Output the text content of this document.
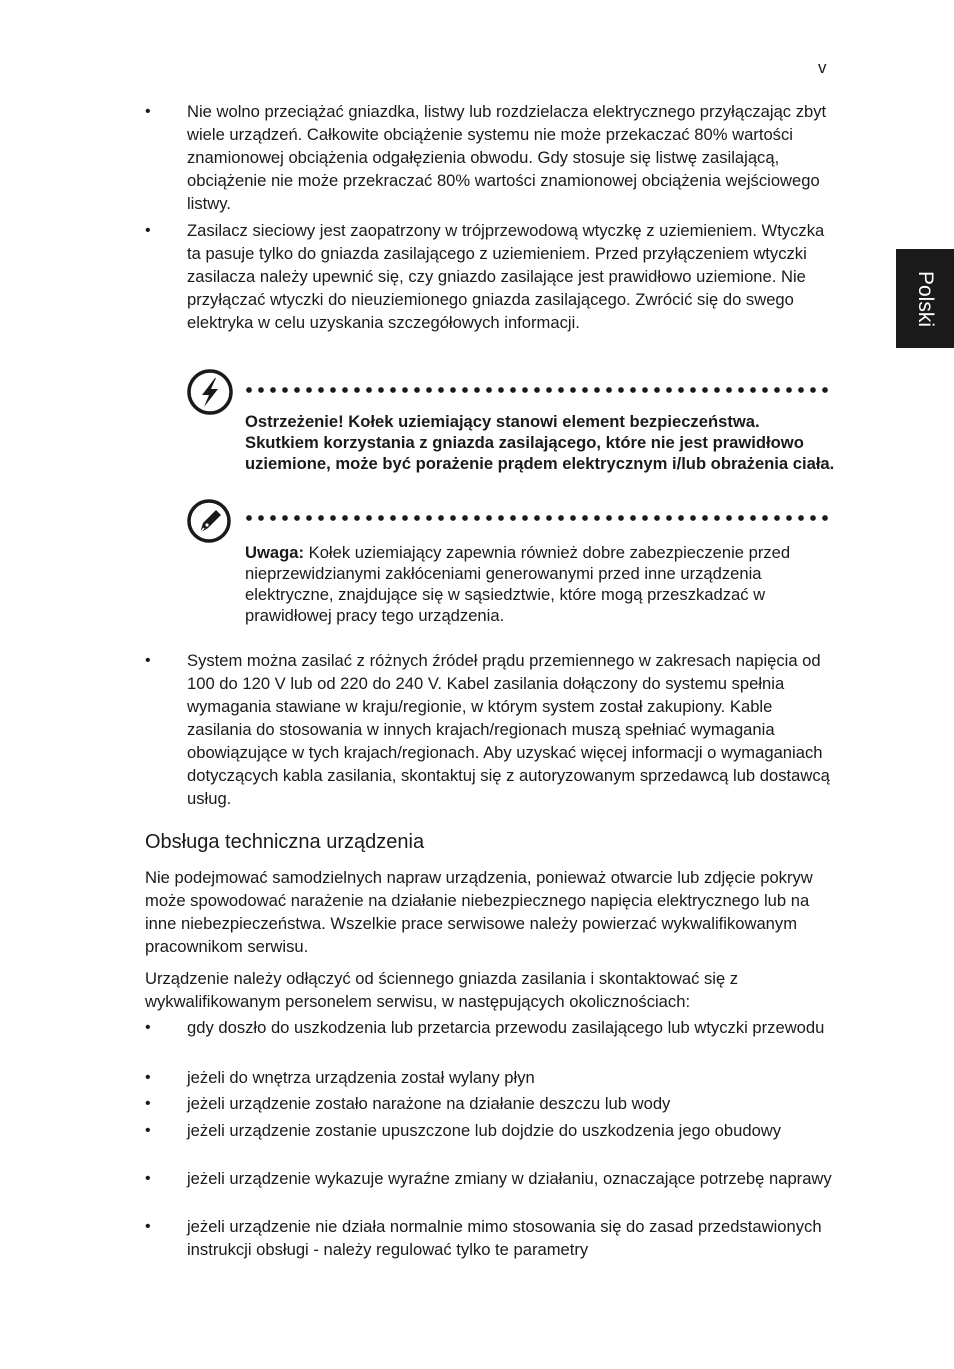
v
Polski
•	Nie wolno przeciążać gniazdka, listwy lub rozdzielacza elektrycznego przyłączając zbyt wiele urządzeń. Całkowite obciążenie systemu nie może przekaczać 80% wartości znamionowej obciążenia odgałęzienia obwodu. Gdy stosuje się listwę zasilającą, obciążenie nie może przekraczać 80% wartości znamionowej obciążenia wejściowego listwy.
•	Zasilacz sieciowy jest zaopatrzony w trójprzewodową wtyczkę z uziemieniem. Wtyczka ta pasuje tylko do gniazda zasilającego z uziemieniem. Przed przyłączeniem wtyczki zasilacza należy upewnić się, czy gniazdo zasilające jest prawidłowo uziemione. Nie przyłączać wtyczki do nieuziemionego gniazda zasilającego. Zwrócić się do swego elektryka w celu uzyskania szczegółowych informacji.
Ostrzeżenie! Kołek uziemiający stanowi element bezpieczeństwa. Skutkiem korzystania z gniazda zasilającego, które nie jest prawidłowo uziemione, może być porażenie prądem elektrycznym i/lub obrażenia ciała.
Uwaga: Kołek uziemiający zapewnia również dobre zabezpieczenie przed nieprzewidzianymi zakłóceniami generowanymi przed inne urządzenia elektryczne, znajdujące się w sąsiedztwie, które mogą przeszkadzać w prawidłowej pracy tego urządzenia.
•	System można zasilać z różnych źródeł prądu przemiennego w zakresach napięcia od 100 do 120 V lub od 220 do 240 V. Kabel zasilania dołączony do systemu spełnia wymagania stawiane w kraju/regionie, w którym system został zakupiony. Kable zasilania do stosowania w innych krajach/regionach muszą spełniać wymagania obowiązujące w tych krajach/regionach. Aby uzyskać więcej informacji o wymaganiach dotyczących kabla zasilania, skontaktuj się z autoryzowanym sprzedawcą lub dostawcą usług.
Obsługa techniczna urządzenia
Nie podejmować samodzielnych napraw urządzenia, ponieważ otwarcie lub zdjęcie pokryw może spowodować narażenie na działanie niebezpiecznego napięcia elektrycznego lub na inne niebezpieczeństwa. Wszelkie prace serwisowe należy powierzać wykwalifikowanym pracownikom serwisu.
Urządzenie należy odłączyć od ściennego gniazda zasilania i skontaktować się z wykwalifikowanym personelem serwisu, w następujących okolicznościach:
•	gdy doszło do uszkodzenia lub przetarcia przewodu zasilającego lub wtyczki przewodu
•	jeżeli do wnętrza urządzenia został wylany płyn
•	jeżeli urządzenie zostało narażone na działanie deszczu lub wody
•	jeżeli urządzenie zostanie upuszczone lub dojdzie do uszkodzenia jego obudowy
•	jeżeli urządzenie wykazuje wyraźne zmiany w działaniu, oznaczające potrzebę naprawy
•	jeżeli urządzenie nie działa normalnie mimo stosowania się do zasad przedstawionych instrukcji obsługi - należy regulować tylko te parametry
